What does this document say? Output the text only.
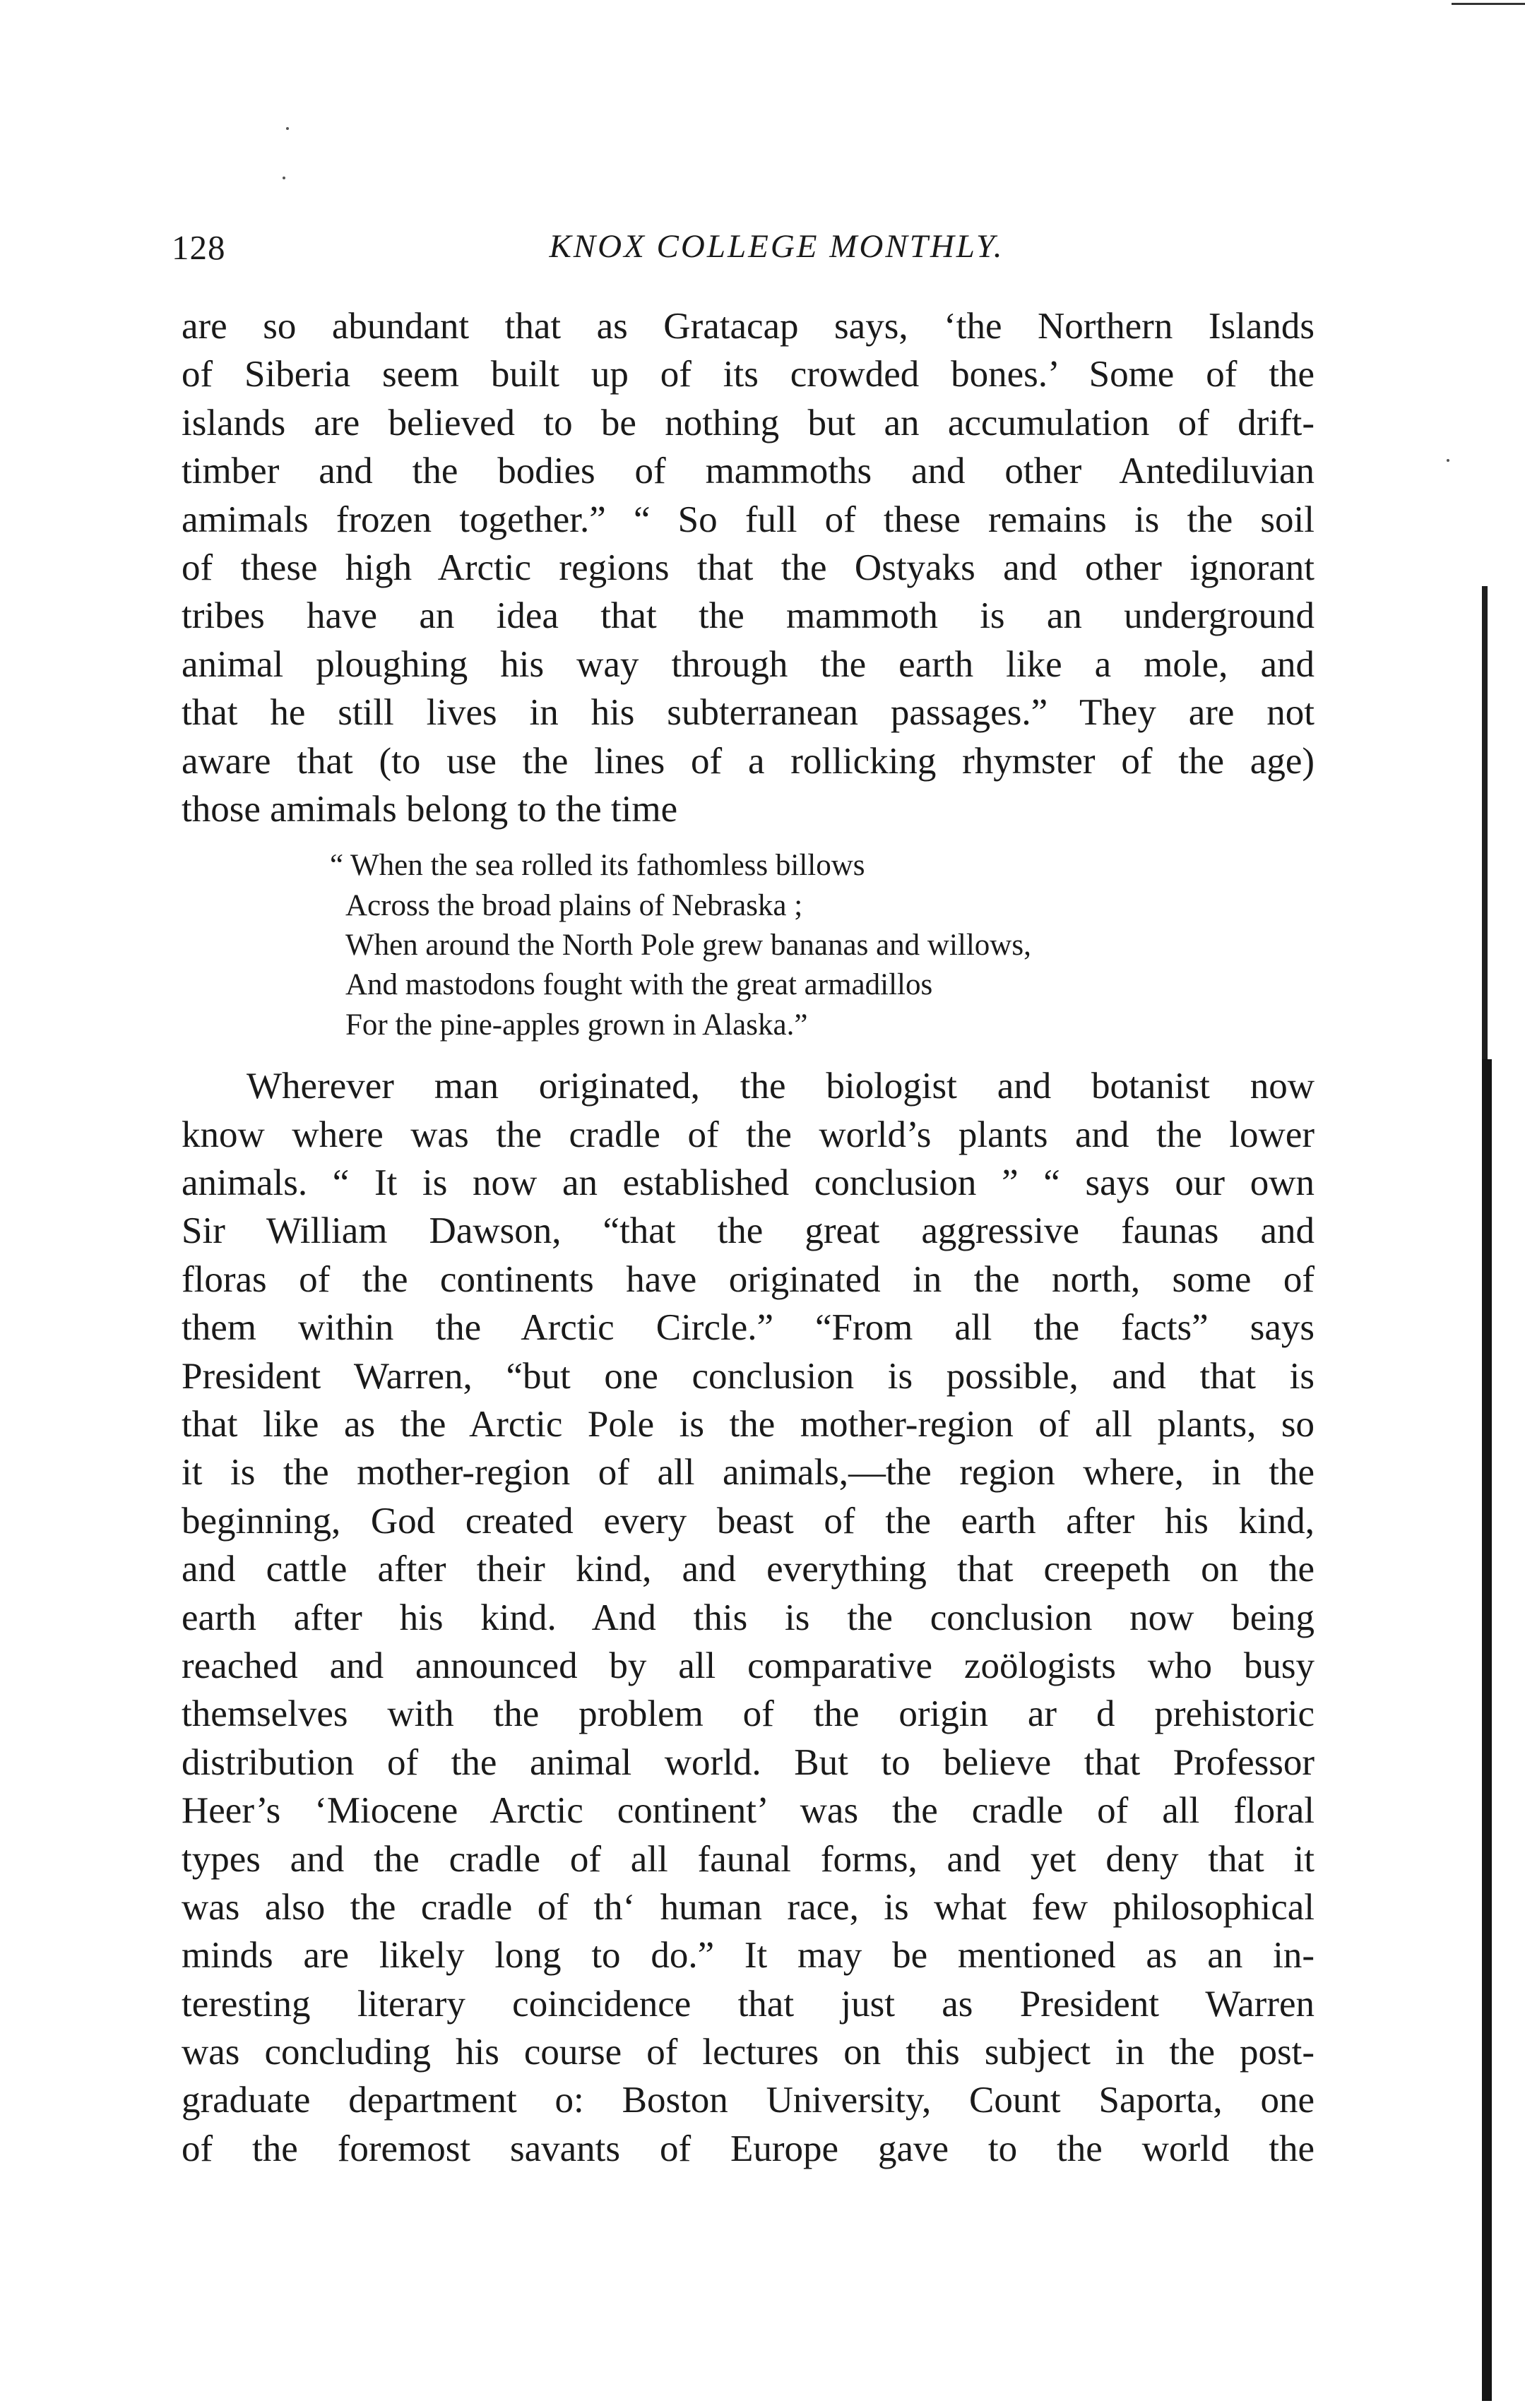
128	KNOX COLLEGE MONTHLY.
are so abundant that as Gratacap says, ‘the Northern Islands
of Siberia seem built up of its crowded bones.’ Some of the
islands are believed to be nothing but an accumulation of drift-
timber and the bodies of mammoths and other Antediluvian
amimals frozen together.” “ So full of these remains is the soil
of these high Arctic regions that the Ostyaks and other ignorant
tribes have an idea that the mammoth is an underground
animal ploughing his way through the earth like a mole, and
that he still lives in his subterranean passages.” They are not
aware that (to use the lines of a rollicking rhymster of the age)
those amimals belong to the time
“ When the sea rolled its fathomless billows
Across the broad plains of Nebraska ;
When around the North Pole grew bananas and willows,
And mastodons fought with the great armadillos
For the pine-apples grown in Alaska.”
Wherever man originated, the biologist and botanist now
know where was the cradle of the world’s plants and the lower
animals. “ It is now an established conclusion ” “ says our own
Sir William Dawson, “that the great aggressive faunas and
floras of the continents have originated in the north, some of
them within the Arctic Circle.” “From all the facts” says
President Warren, “but one conclusion is possible, and that is
that like as the Arctic Pole is the mother-region of all plants, so
it is the mother-region of all animals,—the region where, in the
beginning, God created every beast of the earth after his kind,
and cattle after their kind, and everything that creepeth on the
earth after his kind. And this is the conclusion now being
reached and announced by all comparative zoölogists who busy
themselves with the problem of the origin ar d prehistoric
distribution of the animal world. But to believe that Professor
Heer’s ‘Miocene Arctic continent’ was the cradle of all floral
types and the cradle of all faunal forms, and yet deny that it
was also the cradle of th‘ human race, is what few philosophical
minds are likely long to do.” It may be mentioned as an in-
teresting literary coincidence that just as President Warren
was concluding his course of lectures on this subject in the post-
graduate department o: Boston University, Count Saporta, one
of the foremost savants of Europe gave to the world the
